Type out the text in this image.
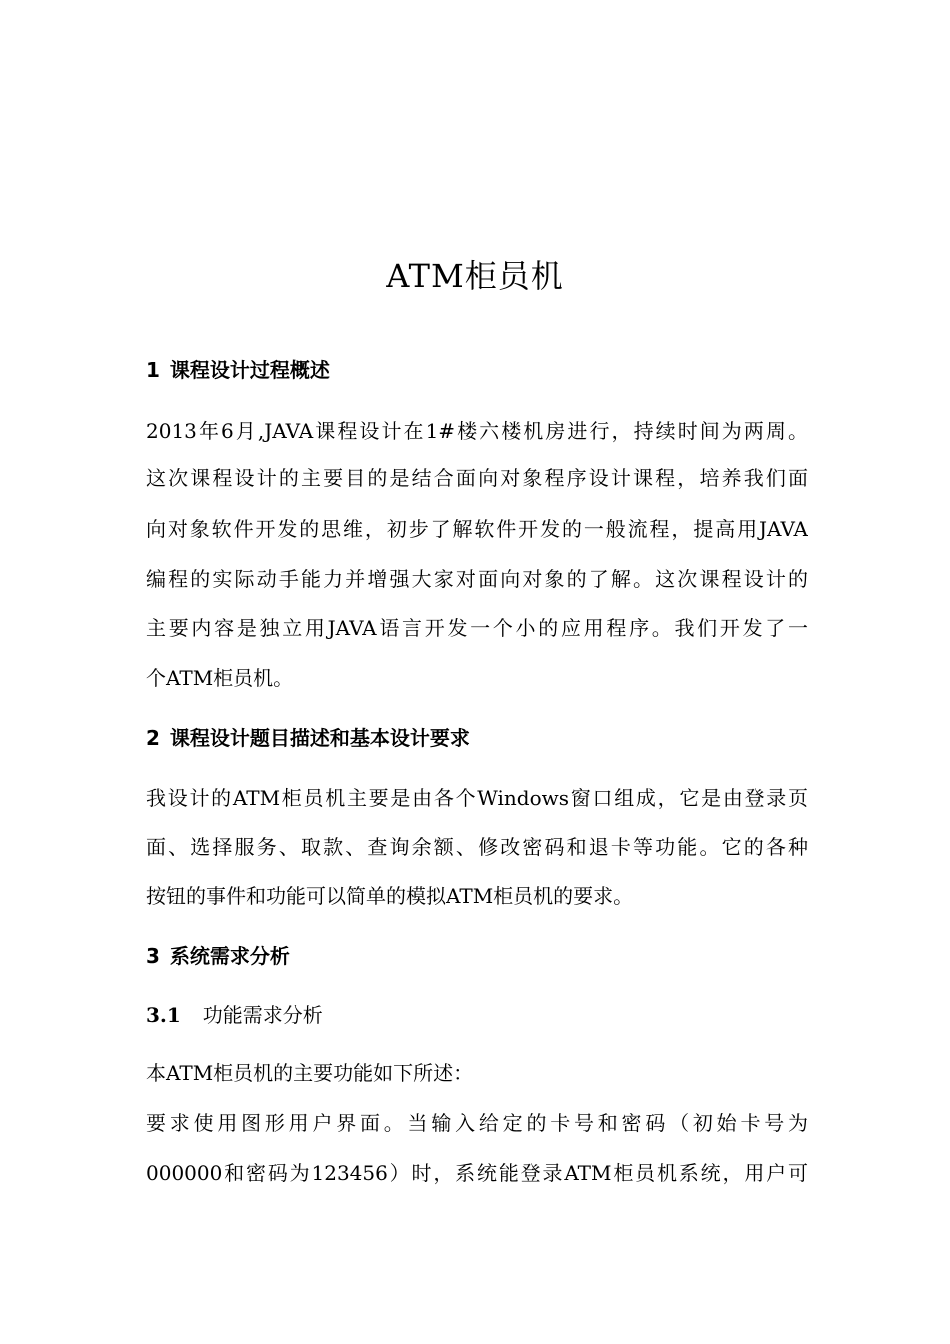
ATM柜员机
1 课程设计过程概述
2013年6月,JAVA课程设计在1#楼六楼机房进行，持续时间为两周。
这次课程设计的主要目的是结合面向对象程序设计课程，培养我们面
向对象软件开发的思维，初步了解软件开发的一般流程，提高用JAVA
编程的实际动手能力并增强大家对面向对象的了解。这次课程设计的
主要内容是独立用JAVA语言开发一个小的应用程序。我们开发了一
个ATM柜员机。
2 课程设计题目描述和基本设计要求
我设计的ATM柜员机主要是由各个Windows窗口组成，它是由登录页
面、选择服务、取款、查询余额、修改密码和退卡等功能。它的各种
按钮的事件和功能可以简单的模拟ATM柜员机的要求。
3 系统需求分析
3.1 功能需求分析
本ATM柜员机的主要功能如下所述：
要求使用图形用户界面。当输入给定的卡号和密码（初始卡号为
000000和密码为123456）时，系统能登录ATM柜员机系统，用户可
